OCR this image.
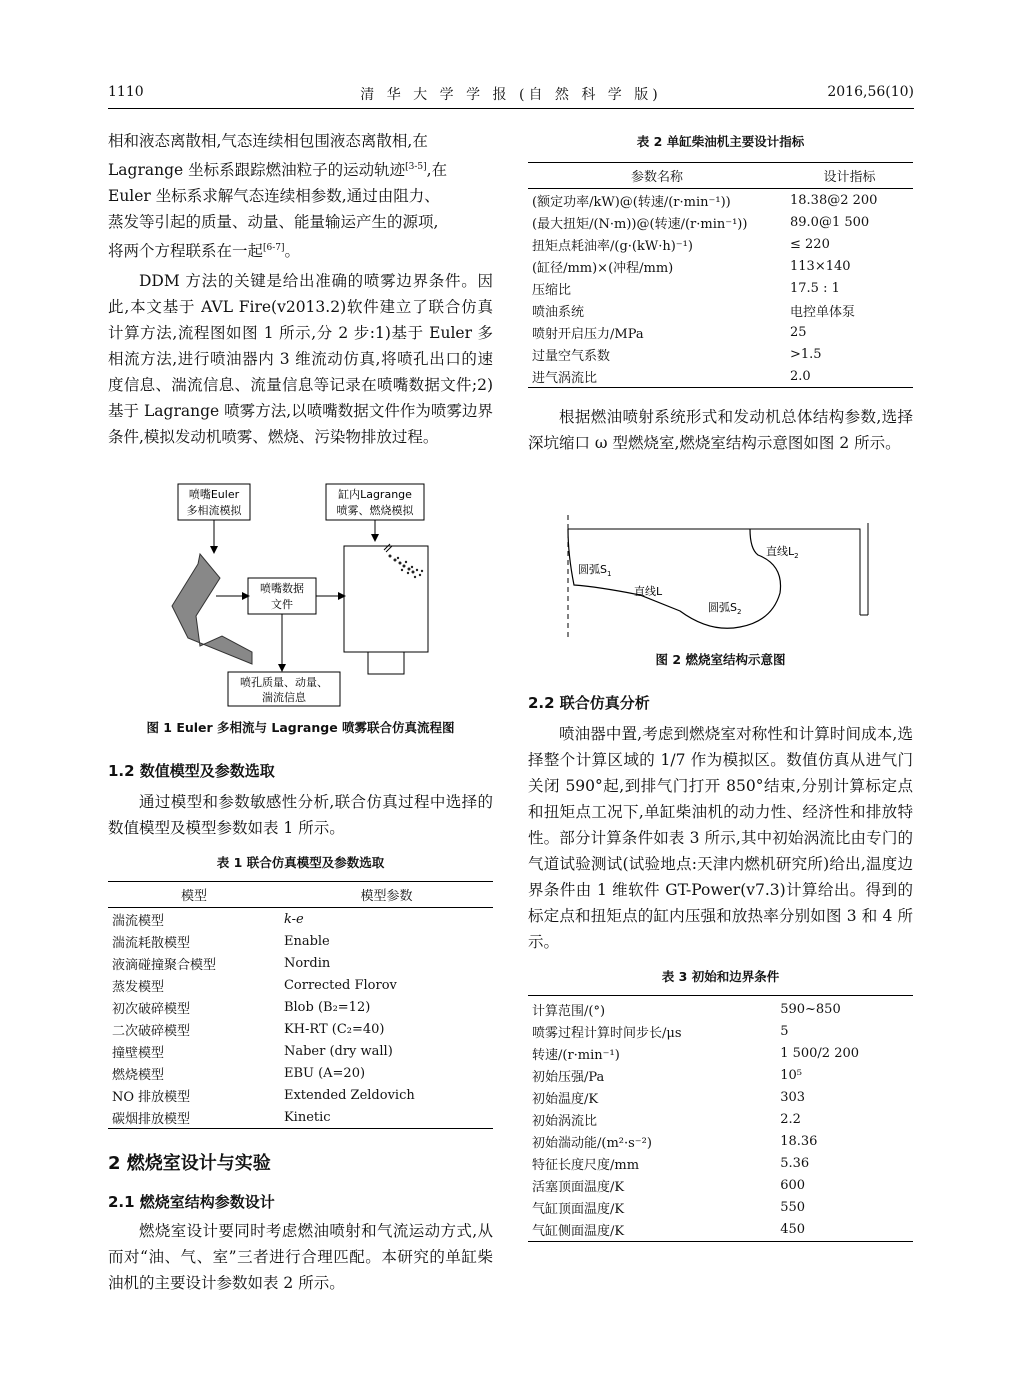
1110	清 华 大 学 学 报 (自 然 科 学 版)	2016,56(10)

相和液态离散相,气态连续相包围液态离散相,在
Lagrange 坐标系跟踪燃油粒子的运动轨迹[3-5],在
Euler 坐标系求解气态连续相参数,通过由阻力、
蒸发等引起的质量、动量、能量输运产生的源项,
将两个方程联系在一起[6-7]。

DDM 方法的关键是给出准确的喷雾边界条件。因此,本文基于 AVL Fire(v2013.2)软件建立了联合仿真计算方法,流程图如图 1 所示,分 2 步:1)基于 Euler 多相流方法,进行喷油器内 3 维流动仿真,将喷孔出口的速度信息、湍流信息、流量信息等记录在喷嘴数据文件;2)基于 Lagrange 喷雾方法,以喷嘴数据文件作为喷雾边界条件,模拟发动机喷雾、燃烧、污染物排放过程。

喷嘴Euler
多相流模拟
缸内Lagrange
喷雾、燃烧模拟
喷嘴数据
文件
喷孔质量、动量、
湍流信息

图 1 Euler 多相流与 Lagrange 喷雾联合仿真流程图

1.2 数值模型及参数选取

通过模型和参数敏感性分析,联合仿真过程中选择的数值模型及模型参数如表 1 所示。

表 1 联合仿真模型及参数选取

模型	模型参数
湍流模型	k-e
湍流耗散模型	Enable
液滴碰撞聚合模型	Nordin
蒸发模型	Corrected Florov
初次破碎模型	Blob (B₂=12)
二次破碎模型	KH-RT (C₂=40)
撞壁模型	Naber (dry wall)
燃烧模型	EBU (A=20)
NO 排放模型	Extended Zeldovich
碳烟排放模型	Kinetic

2 燃烧室设计与实验

2.1 燃烧室结构参数设计

燃烧室设计要同时考虑燃油喷射和气流运动方式,从而对“油、气、室”三者进行合理匹配。本研究的单缸柴油机的主要设计参数如表 2 所示。

表 2 单缸柴油机主要设计指标

参数名称	设计指标
(额定功率/kW)@(转速/(r·min⁻¹))	18.38@2 200
(最大扭矩/(N·m))@(转速/(r·min⁻¹))	89.0@1 500
扭矩点耗油率/(g·(kW·h)⁻¹)	≤ 220
(缸径/mm)×(冲程/mm)	113×140
压缩比	17.5 : 1
喷油系统	电控单体泵
喷射开启压力/MPa	25
过量空气系数	>1.5
进气涡流比	2.0

根据燃油喷射系统形式和发动机总体结构参数,选择深坑缩口 ω 型燃烧室,燃烧室结构示意图如图 2 所示。

圆弧$S_1$
直线L
圆弧$S_2$
直线$L_2$

图 2 燃烧室结构示意图

2.2 联合仿真分析

喷油器中置,考虑到燃烧室对称性和计算时间成本,选择整个计算区域的 1/7 作为模拟区。数值仿真从进气门关闭 590°起,到排气门打开 850°结束,分别计算标定点和扭矩点工况下,单缸柴油机的动力性、经济性和排放特性。部分计算条件如表 3 所示,其中初始涡流比由专门的气道试验测试(试验地点:天津内燃机研究所)给出,温度边界条件由 1 维软件 GT-Power(v7.3)计算给出。得到的标定点和扭矩点的缸内压强和放热率分别如图 3 和 4 所示。

表 3 初始和边界条件

计算范围/(°)	590~850
喷雾过程计算时间步长/μs	5
转速/(r·min⁻¹)	1 500/2 200
初始压强/Pa	10⁵
初始温度/K	303
初始涡流比	2.2
初始湍动能/(m²·s⁻²)	18.36
特征长度尺度/mm	5.36
活塞顶面温度/K	600
气缸顶面温度/K	550
气缸侧面温度/K	450
